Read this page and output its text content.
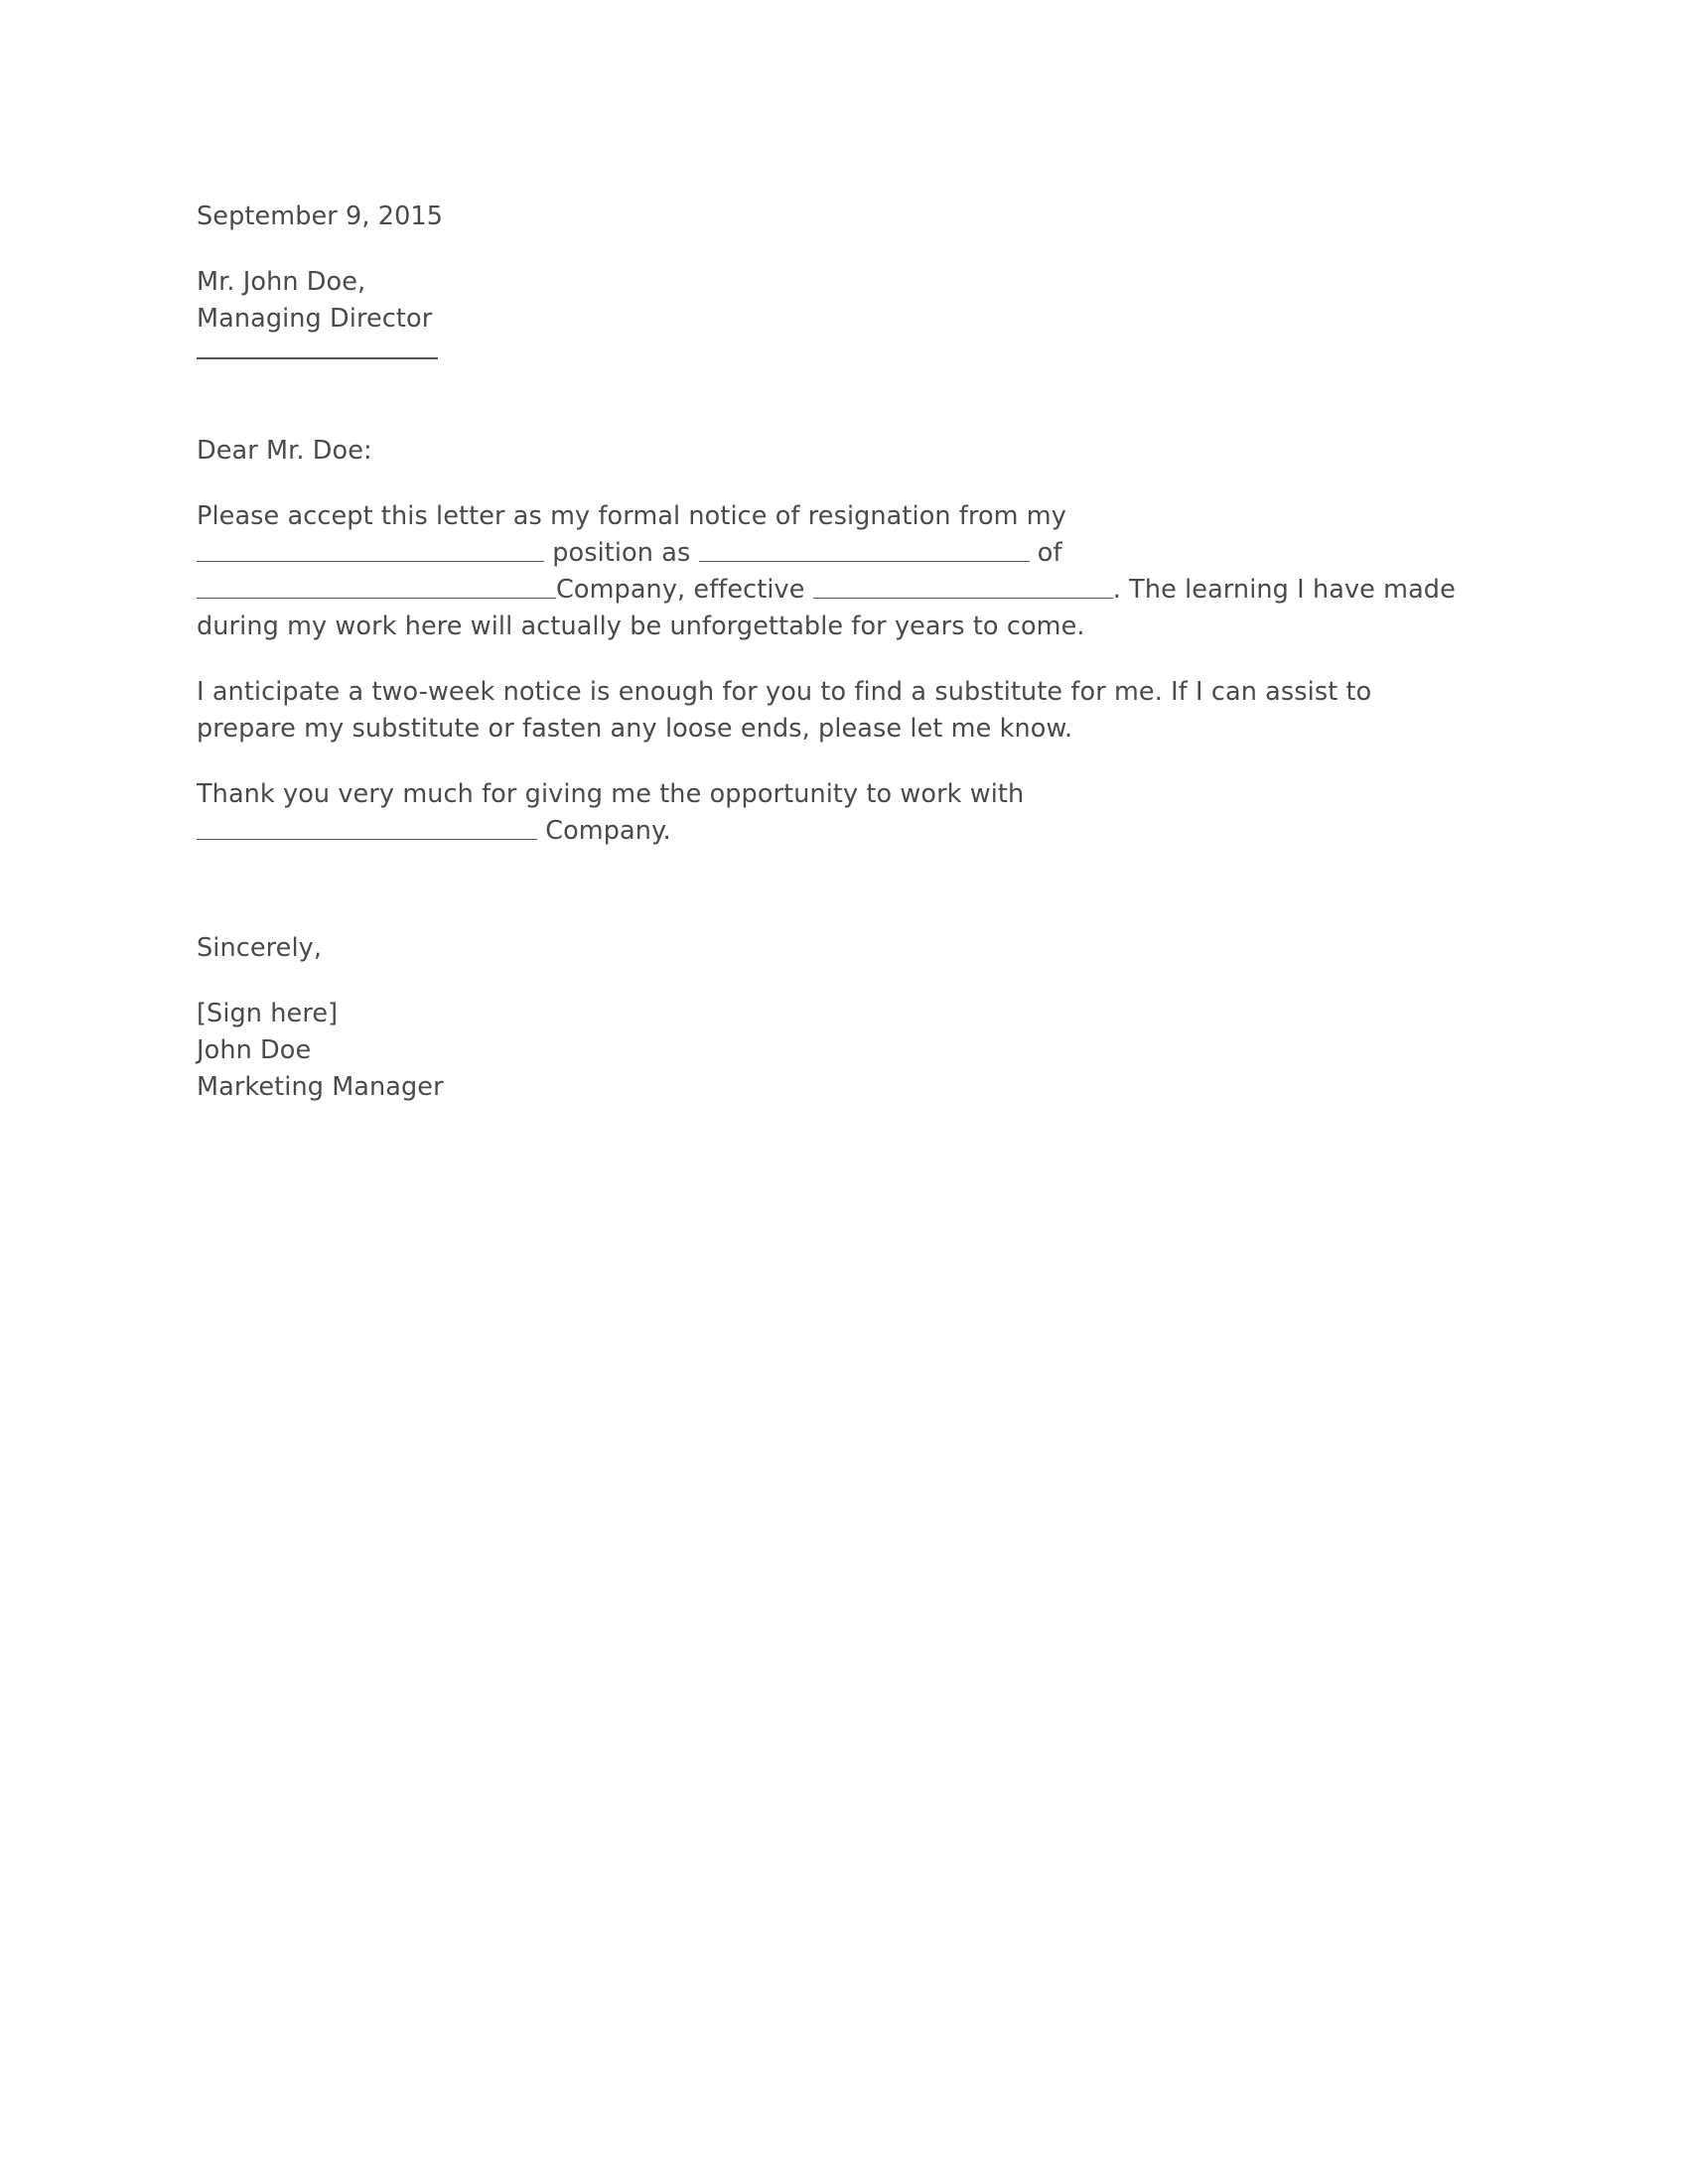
September 9, 2015
Mr. John Doe,
Managing Director
Dear Mr. Doe:
Please accept this letter as my formal notice of resignation from my
position as	of
Company, effective	. The learning I have made during my work here will actually be unforgettable for years to come.
I anticipate a two-week notice is enough for you to find a substitute for me. If I can assist to prepare my substitute or fasten any loose ends, please let me know.
Thank you very much for giving me the opportunity to work with
Company.
Sincerely,
[Sign here]
John Doe
Marketing Manager
